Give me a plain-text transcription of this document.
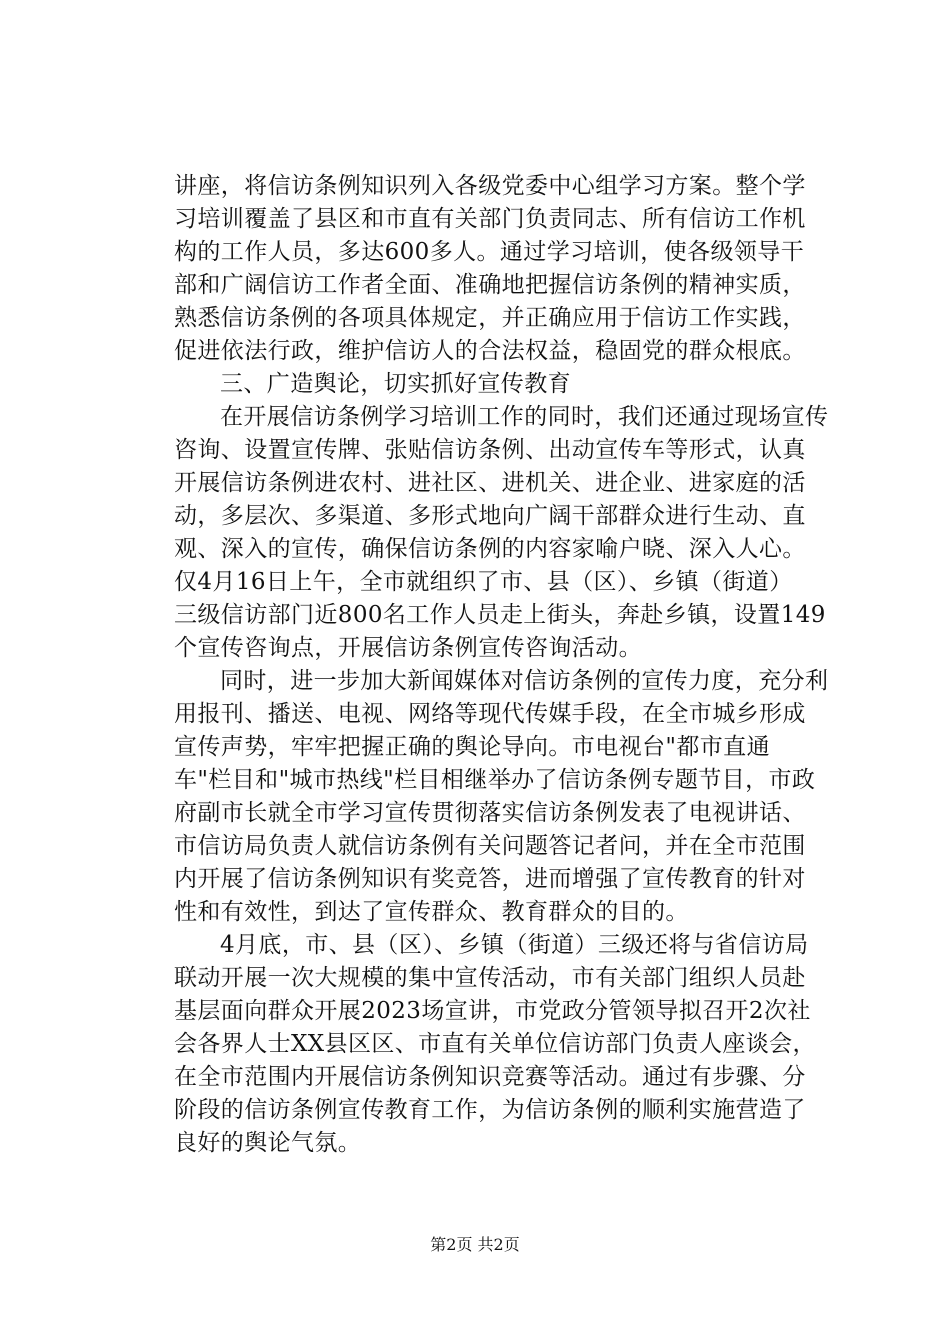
讲座，将信访条例知识列入各级党委中心组学习方案。整个学
习培训覆盖了县区和市直有关部门负责同志、所有信访工作机
构的工作人员，多达600多人。通过学习培训，使各级领导干
部和广阔信访工作者全面、准确地把握信访条例的精神实质，
熟悉信访条例的各项具体规定，并正确应用于信访工作实践，
促进依法行政，维护信访人的合法权益，稳固党的群众根底。
三、广造舆论，切实抓好宣传教育
在开展信访条例学习培训工作的同时，我们还通过现场宣传
咨询、设置宣传牌、张贴信访条例、出动宣传车等形式，认真
开展信访条例进农村、进社区、进机关、进企业、进家庭的活
动，多层次、多渠道、多形式地向广阔干部群众进行生动、直
观、深入的宣传，确保信访条例的内容家喻户晓、深入人心。
仅4月16日上午，全市就组织了市、县（区）、乡镇（街道）
三级信访部门近800名工作人员走上街头，奔赴乡镇，设置149
个宣传咨询点，开展信访条例宣传咨询活动。
同时，进一步加大新闻媒体对信访条例的宣传力度，充分利
用报刊、播送、电视、网络等现代传媒手段，在全市城乡形成
宣传声势，牢牢把握正确的舆论导向。市电视台"都市直通
车"栏目和"城市热线"栏目相继举办了信访条例专题节目，市政
府副市长就全市学习宣传贯彻落实信访条例发表了电视讲话、
市信访局负责人就信访条例有关问题答记者问，并在全市范围
内开展了信访条例知识有奖竞答，进而增强了宣传教育的针对
性和有效性，到达了宣传群众、教育群众的目的。
4月底，市、县（区）、乡镇（街道）三级还将与省信访局
联动开展一次大规模的集中宣传活动，市有关部门组织人员赴
基层面向群众开展2023场宣讲，市党政分管领导拟召开2次社
会各界人士XX县区区、市直有关单位信访部门负责人座谈会，
在全市范围内开展信访条例知识竞赛等活动。通过有步骤、分
阶段的信访条例宣传教育工作，为信访条例的顺利实施营造了
良好的舆论气氛。
第2页 共2页
